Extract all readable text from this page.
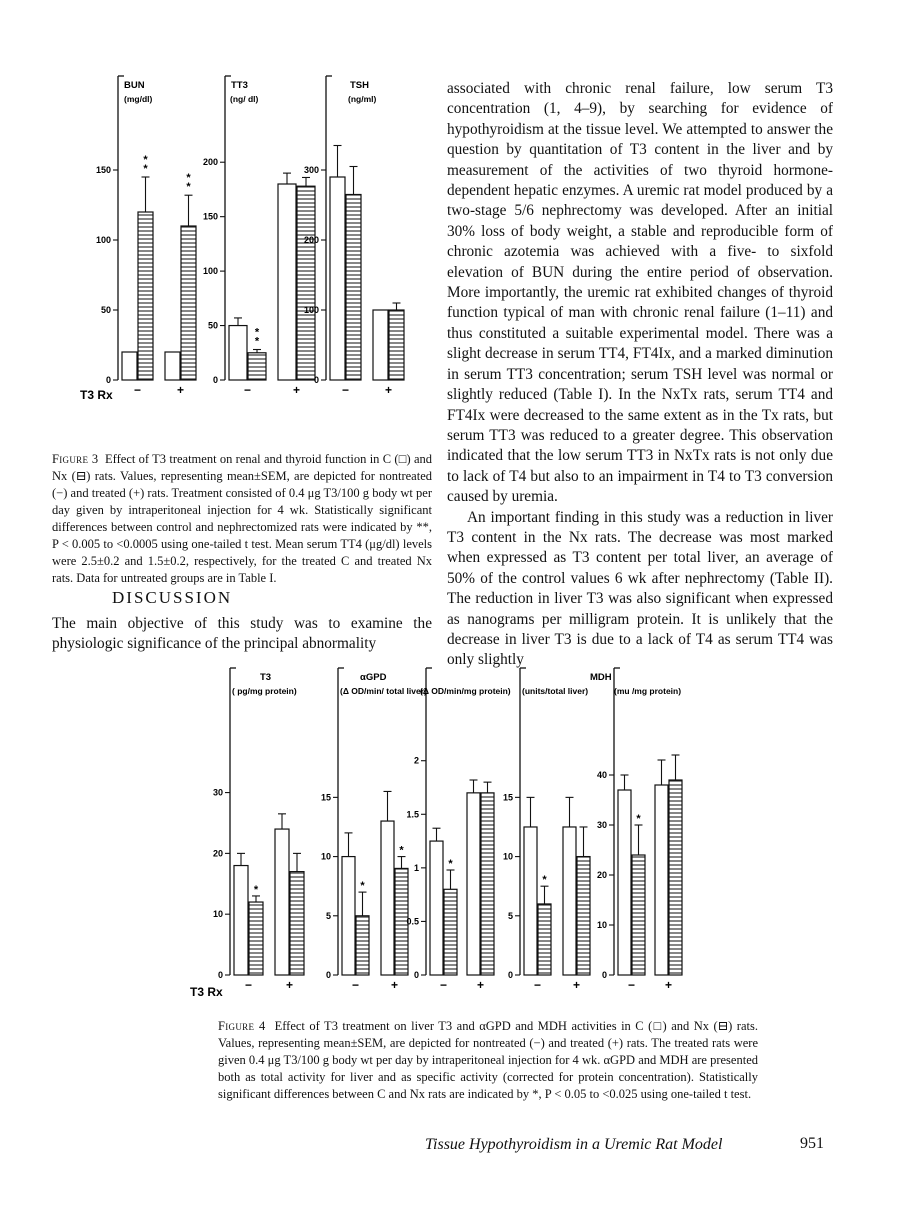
BUN
(mg/dl)
0
50
100
150
*
*
−
*
*
+
TT3
(ng/ dl)
0
50
100
150
200
*
*
−	+
TSH
(ng/ml)
0
100
200
300
−	+
T3 Rx
Figure 3 Effect of T3 treatment on renal and thyroid function in C (□) and Nx (⊟) rats. Values, representing mean±SEM, are depicted for nontreated (−) and treated (+) rats. Treatment consisted of 0.4 μg T3/100 g body wt per day given by intraperitoneal injection for 4 wk. Statistically significant differences between control and nephrectomized rats were indicated by **, P < 0.005 to <0.0005 using one-tailed t test. Mean serum TT4 (μg/dl) levels were 2.5±0.2 and 1.5±0.2, respectively, for the treated C and treated Nx rats. Data for untreated groups are in Table I.
DISCUSSION

The main objective of this study was to examine the physiologic significance of the principal abnormality

associated with chronic renal failure, low serum T3 concentration (1, 4–9), by searching for evidence of hypothyroidism at the tissue level. We attempted to answer the question by quantitation of T3 content in the liver and by measurement of the activities of two thyroid hormone-dependent hepatic enzymes. A uremic rat model produced by a two-stage 5/6 nephrectomy was developed. After an initial 30% loss of body weight, a stable and reproducible form of chronic azotemia was achieved with a five- to sixfold elevation of BUN during the entire period of observation. More importantly, the uremic rat exhibited changes of thyroid function typical of man with chronic renal failure (1–11) and thus constituted a suitable experimental model. There was a slight decrease in serum TT4, FT4Ix, and a marked diminution in serum TT3 concentration; serum TSH level was normal or slightly reduced (Table I). In the NxTx rats, serum TT4 and FT4Ix were decreased to the same extent as in the Tx rats, but serum TT3 was reduced to a greater degree. This observation indicated that the low serum TT3 in NxTx rats is not only due to lack of T4 but also to an impairment in T4 to T3 conversion caused by uremia.

An important finding in this study was a reduction in liver T3 content in the Nx rats. The decrease was most marked when expressed as T3 content per total liver, an average of 50% of the control values 6 wk after nephrectomy (Table II). The reduction in liver T3 was also significant when expressed as nanograms per milligram protein. It is unlikely that the decrease in liver T3 is due to a lack of T4 as serum TT4 was only slightly

T3
( pg/mg protein)
0
10
20
30
*
−	+
αGPD
(Δ OD/min/ total liver)
0
5
10
15
*
−
*
+
(Δ OD/min/mg protein)
0
0.5
1
1.5
2
*
− +
MDH
(units/total liver)
0
5
10
15
*
−	+
(mu /mg protein)
0
10
20
30
40
*
− +
T3 Rx
Figure 4 Effect of T3 treatment on liver T3 and αGPD and MDH activities in C (□) and Nx (⊟) rats. Values, representing mean±SEM, are depicted for nontreated (−) and treated (+) rats. The treated rats were given 0.4 μg T3/100 g body wt per day by intraperitoneal injection for 4 wk. αGPD and MDH are presented both as total activity for liver and as specific activity (corrected for protein concentration). Statistically significant differences between C and Nx rats are indicated by *, P < 0.05 to <0.025 using one-tailed t test.
Tissue Hypothyroidism in a Uremic Rat Model	951
